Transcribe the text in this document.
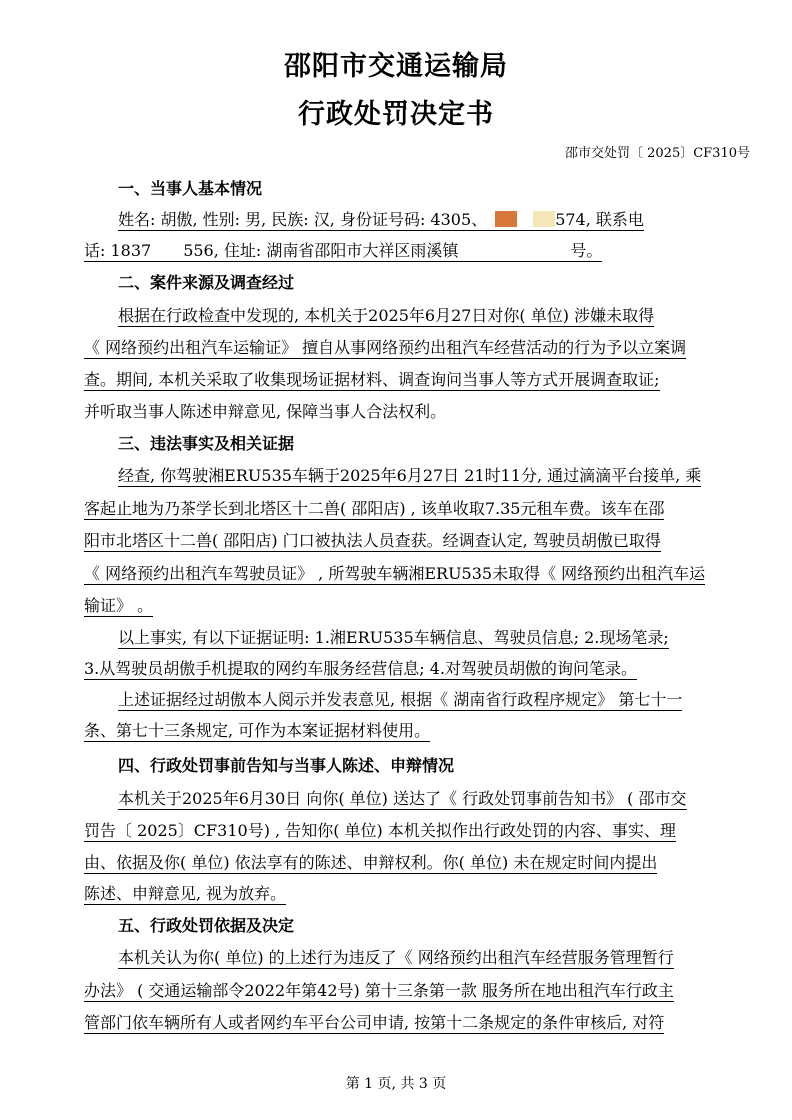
邵阳市交通运输局
行政处罚决定书
邵市交处罚〔 2025〕CF310号
一、当事人基本情况
姓名: 胡傲, 性别: 男, 民族: 汉, 身份证号码: 4305、　　	574, 联系电
话: 1837　　556, 住址: 湖南省邵阳市大祥区雨溪镇　　　　　　　号。
二、案件来源及调查经过
根据在行政检查中发现的, 本机关于2025年6月27日对你( 单位) 涉嫌未取得
《 网络预约出租汽车运输证》 擅自从事网络预约出租汽车经营活动的行为予以立案调
查。期间, 本机关采取了收集现场证据材料、调查询问当事人等方式开展调查取证;
并听取当事人陈述申辩意见, 保障当事人合法权利。
三、违法事实及相关证据
经查, 你驾驶湘ERU535车辆于2025年6月27日 21时11分, 通过滴滴平台接单, 乘
客起止地为乃茶学长到北塔区十二兽( 邵阳店) , 该单收取7.35元租车费。该车在邵
阳市北塔区十二兽( 邵阳店) 门口被执法人员查获。经调查认定, 驾驶员胡傲已取得
《 网络预约出租汽车驾驶员证》 , 所驾驶车辆湘ERU535未取得《 网络预约出租汽车运
输证》 。
以上事实, 有以下证据证明: 1.湘ERU535车辆信息、驾驶员信息; 2.现场笔录;
3.从驾驶员胡傲手机提取的网约车服务经营信息; 4.对驾驶员胡傲的询问笔录。
上述证据经过胡傲本人阅示并发表意见, 根据《 湖南省行政程序规定》 第七十一
条、第七十三条规定, 可作为本案证据材料使用。
四、行政处罚事前告知与当事人陈述、申辩情况
本机关于2025年6月30日 向你( 单位) 送达了《 行政处罚事前告知书》 ( 邵市交
罚告〔 2025〕CF310号) , 告知你( 单位) 本机关拟作出行政处罚的内容、事实、理
由、依据及你( 单位) 依法享有的陈述、申辩权利。你( 单位) 未在规定时间内提出
陈述、申辩意见, 视为放弃。
五、行政处罚依据及决定
本机关认为你( 单位) 的上述行为违反了《 网络预约出租汽车经营服务管理暂行
办法》 ( 交通运输部令2022年第42号) 第十三条第一款 服务所在地出租汽车行政主
管部门依车辆所有人或者网约车平台公司申请, 按第十二条规定的条件审核后, 对符
第 1 页, 共 3 页
